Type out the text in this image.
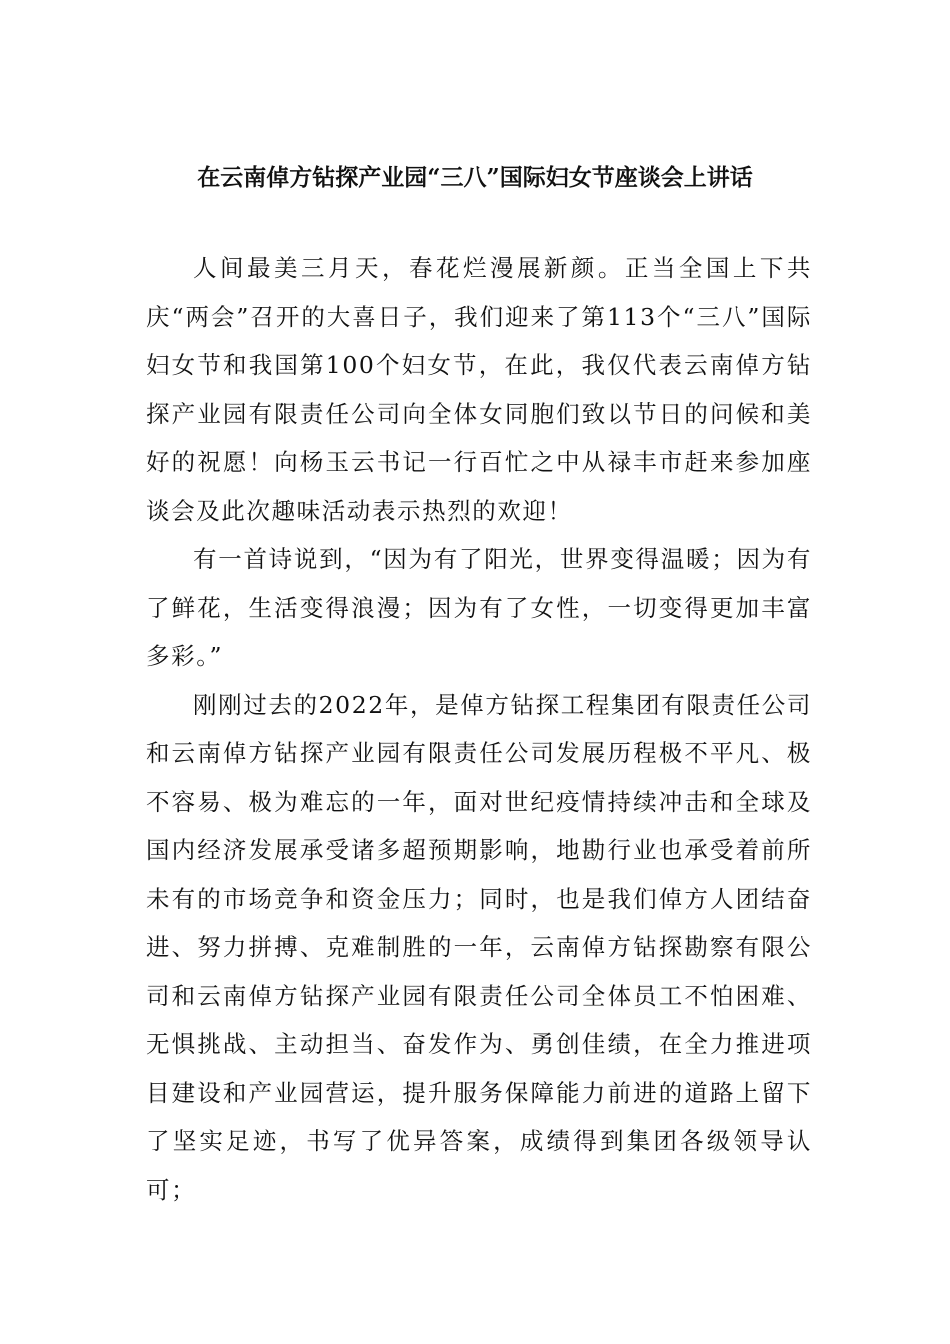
在云南倬方钻探产业园“三八”国际妇女节座谈会上讲话

人间最美三月天，春花烂漫展新颜。正当全国上下共庆“两会”召开的大喜日子，我们迎来了第113个“三八”国际妇女节和我国第100个妇女节，在此，我仅代表云南倬方钻探产业园有限责任公司向全体女同胞们致以节日的问候和美好的祝愿！向杨玉云书记一行百忙之中从禄丰市赶来参加座谈会及此次趣味活动表示热烈的欢迎！

有一首诗说到，“因为有了阳光，世界变得温暖；因为有了鲜花，生活变得浪漫；因为有了女性，一切变得更加丰富多彩。”

刚刚过去的2022年，是倬方钻探工程集团有限责任公司和云南倬方钻探产业园有限责任公司发展历程极不平凡、极不容易、极为难忘的一年，面对世纪疫情持续冲击和全球及国内经济发展承受诸多超预期影响，地勘行业也承受着前所未有的市场竞争和资金压力；同时，也是我们倬方人团结奋进、努力拼搏、克难制胜的一年，云南倬方钻探勘察有限公司和云南倬方钻探产业园有限责任公司全体员工不怕困难、无惧挑战、主动担当、奋发作为、勇创佳绩，在全力推进项目建设和产业园营运，提升服务保障能力前进的道路上留下了坚实足迹，书写了优异答案，成绩得到集团各级领导认可；
